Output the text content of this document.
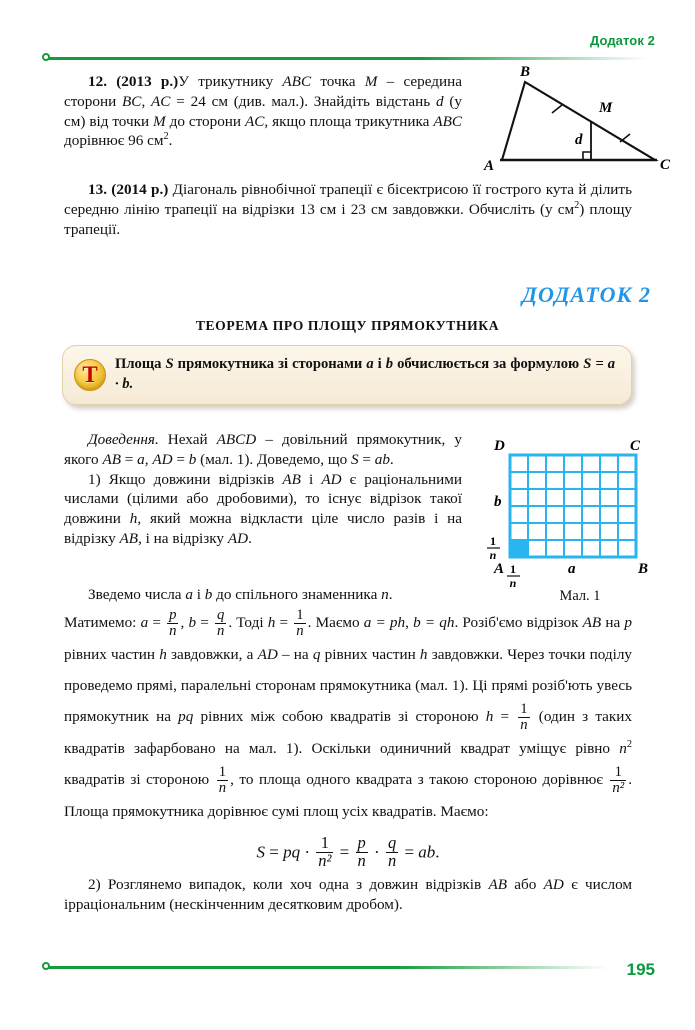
Додаток 2

12. (2013 р.)У трикутнику ABC точка M – середина сторони BC, AC = 24 см (див. мал.). Знайдіть відстань d (у см) від точки M до сторони AC, якщо площа трикутника ABC дорівнює 96 $см^2$.

B
A	C
M
d

13. (2014 р.) Діагональ рівнобічної трапеції є бісектрисою її гострого кута й ділить середню лінію трапеції на відрізки 13 см і 23 см завдовжки. Обчисліть (у $см^2$) площу трапеції.

ДОДАТОК 2
ТЕОРЕМА ПРО ПЛОЩУ ПРЯМОКУТНИКА
Т Площа S прямокутника зі сторонами a і b обчислюється за формулою S = a · b.

Доведення. Нехай ABCD – довільний прямокутник, у якого AB = a, AD = b (мал. 1). Доведемо, що S = ab.

1) Якщо довжини відрізків AB і AD є раціональними числами (цілими або дробовими), то існує відрізок такої довжини h, який можна відкласти ціле число разів і на відрізку AB, і на відрізку AD.

D	C
A	B
b
a
1
n
1
n
Мал. 1

Зведемо числа a і b до спільного знаменника n.

Матимемо: $a = \frac{p}{n}$ , $b = \frac{q}{n}$ . Тоді $h = \frac{1}{n}$ . Маємо a = ph, b = qh. Розіб'ємо відрізок AB на p рівних частин h завдовжки, а AD – на q рівних частин h завдовжки. Через точки поділу проведемо прямі, паралельні сторонам прямокутника (мал. 1). Ці прямі розіб'ють увесь прямокутник на pq рівних між собою квадратів зі стороною $h = \frac{1}{n}$ (один з таких квадратів зафарбовано на мал. 1). Оскільки одиничний квадрат уміщує рівно $n^2$ квадратів зі стороною $\frac{1}{n}$ , то площа одного квадрата з такою стороною дорівнює $\frac{1}{\text{n²}}$ . Площа прямокутника дорівнює сумі площ усіх квадратів. Маємо:

S = pq · $\frac{1}{\text{n²}} = \frac{p}{n} \cdot \frac{q}{n}$ = ab.

2) Розглянемо випадок, коли хоч одна з довжин відрізків AB або AD є числом ірраціональним (нескінченним десятковим дробом).

195
